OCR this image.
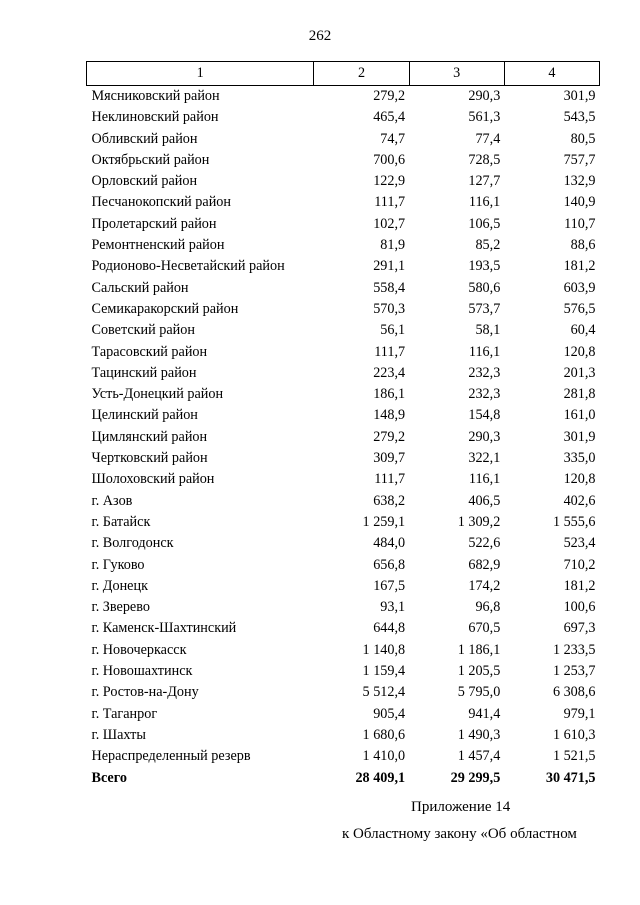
262
1	2	3	4
Мясниковский район	279,2	290,3	301,9
Неклиновский район	465,4	561,3	543,5
Обливский район	74,7	77,4	80,5
Октябрьский район	700,6	728,5	757,7
Орловский район	122,9	127,7	132,9
Песчанокопский район	111,7	116,1	140,9
Пролетарский район	102,7	106,5	110,7
Ремонтненский район	81,9	85,2	88,6
Родионово-Несветайский район	291,1	193,5	181,2
Сальский район	558,4	580,6	603,9
Семикаракорский район	570,3	573,7	576,5
Советский район	56,1	58,1	60,4
Тарасовский район	111,7	116,1	120,8
Тацинский район	223,4	232,3	201,3
Усть-Донецкий район	186,1	232,3	281,8
Целинский район	148,9	154,8	161,0
Цимлянский район	279,2	290,3	301,9
Чертковский район	309,7	322,1	335,0
Шолоховский район	111,7	116,1	120,8
г. Азов	638,2	406,5	402,6
г. Батайск	1 259,1	1 309,2	1 555,6
г. Волгодонск	484,0	522,6	523,4
г. Гуково	656,8	682,9	710,2
г. Донецк	167,5	174,2	181,2
г. Зверево	93,1	96,8	100,6
г. Каменск-Шахтинский	644,8	670,5	697,3
г. Новочеркасск	1 140,8	1 186,1	1 233,5
г. Новошахтинск	1 159,4	1 205,5	1 253,7
г. Ростов-на-Дону	5 512,4	5 795,0	6 308,6
г. Таганрог	905,4	941,4	979,1
г. Шахты	1 680,6	1 490,3	1 610,3
Нераспределенный резерв	1 410,0	1 457,4	1 521,5
Всего	28 409,1	29 299,5	30 471,5
Приложение 14
к Областному закону «Об областном
